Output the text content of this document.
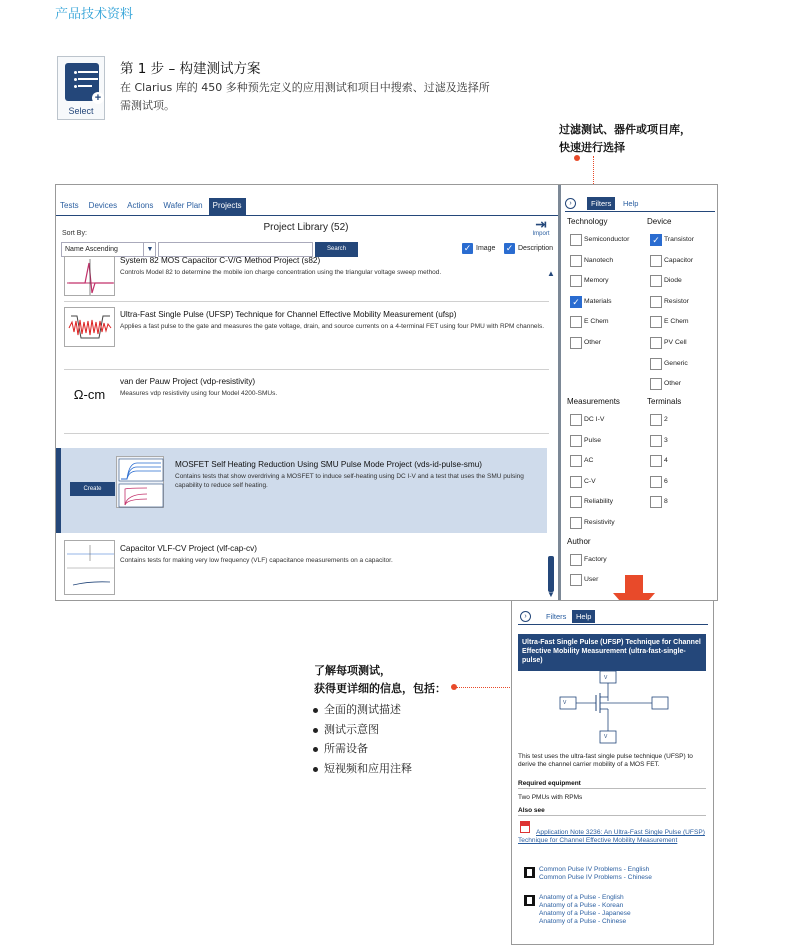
产品技术资料
+
Select
第 1 步 – 构建测试方案
在 Clarius 库的 450 多种预先定义的应用测试和项目中搜索、过滤及选择所需测试项。
过滤测试、器件或项目库，
快速进行选择
Tests	Devices	Actions	Wafer Plan	Projects
Project Library (52)	⇥
Import
Sort By:
Name Ascending	▼	Search	✓ Image ✓ Description
System 82 MOS Capacitor C-V/G Method Project (s82)
Controls Model 82 to determine the mobile ion charge concentration using the triangular voltage sweep method.
Ultra-Fast Single Pulse (UFSP) Technique for Channel Effective Mobility Measurement (ufsp)
Applies a fast pulse to the gate and measures the gate voltage, drain, and source currents on a 4-terminal FET using four PMU with RPM channels.
Ω-cm
van der Pauw Project (vdp-resistivity)
Measures vdp resistivity using four Model 4200-SMUs.
Create
MOSFET Self Heating Reduction Using SMU Pulse Mode Project (vds-id-pulse-smu)
Contains tests that show overdriving a MOSFET to induce self-heating using DC I-V and a test that uses the SMU pulsing capability to reduce self heating.
Capacitor VLF-CV Project (vlf-cap-cv)
Contains tests for making very low frequency (VLF) capacitance measurements on a capacitor.
▲
▼
›	Filters	Help
Technology	Device
Semiconductor
Nanotech
Memory
✓ Materials
E Chem
Other
✓ Transistor
Capacitor
Diode
Resistor
E Chem
PV Cell
Generic
Other
Measurements	Terminals
DC I-V
Pulse
AC
C-V
Reliability
Resistivity
2
3
4
6
8
Author
Factory
User
了解每项测试，
获得更详细的信息，包括：
全面的测试描述
测试示意图
所需设备
短视频和应用注释
›	Filters	Help
Ultra-Fast Single Pulse (UFSP) Technique for Channel Effective Mobility Measurement (ultra-fast-single-pulse)
V
V
V
This test uses the ultra-fast single pulse technique (UFSP) to derive the channel carrier mobility of a MOS FET.
Required equipment
Two PMUs with RPMs
Also see
Application Note 3236: An Ultra-Fast Single Pulse (UFSP) Technique for Channel Effective Mobility Measurement
Common Pulse IV Problems - English
Common Pulse IV Problems - Chinese
Anatomy of a Pulse - English
Anatomy of a Pulse - Korean
Anatomy of a Pulse - Japanese
Anatomy of a Pulse - Chinese
